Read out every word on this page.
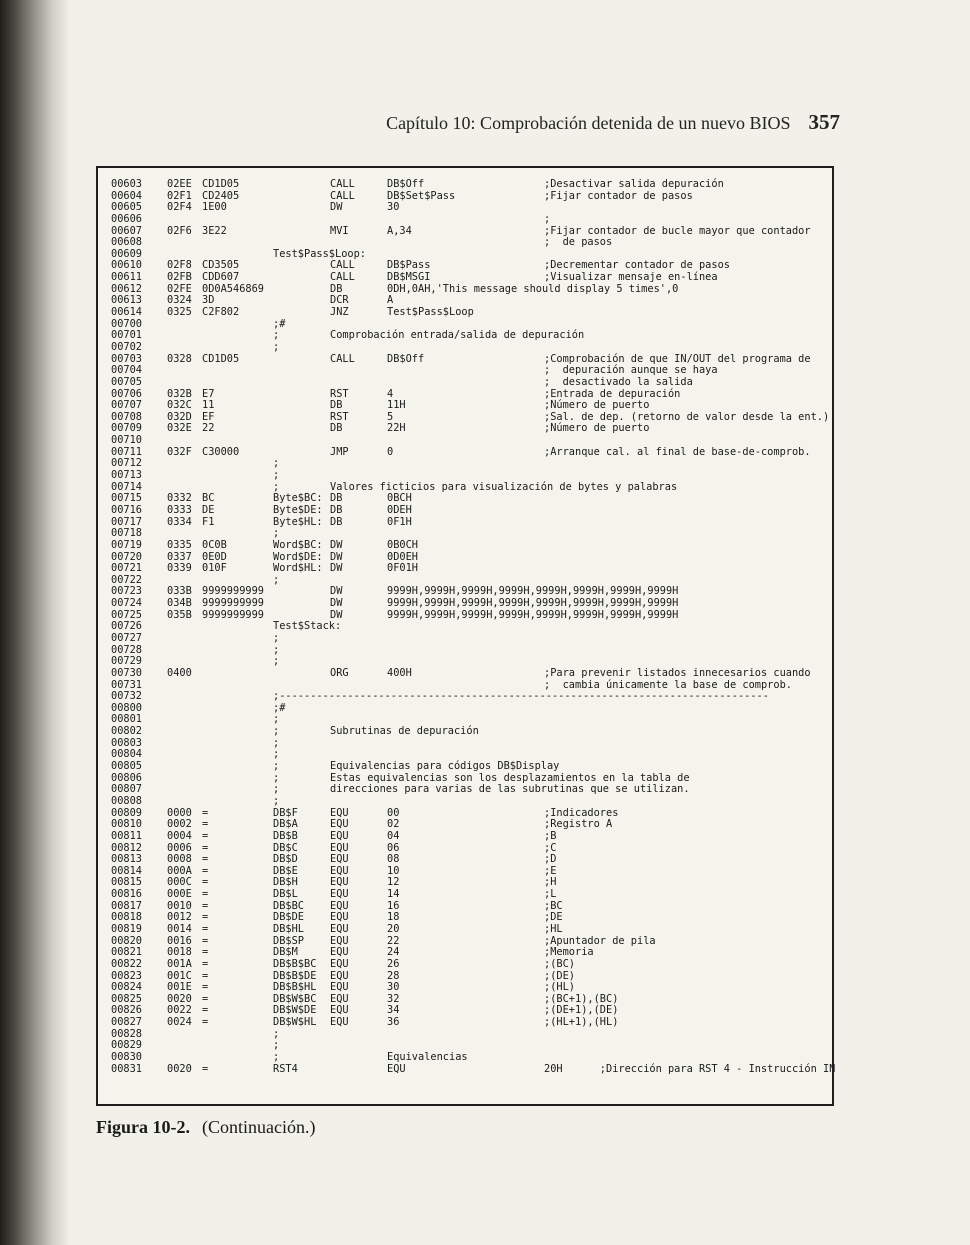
Capítulo 10: Comprobación detenida de un nuevo BIOS 357
00603 02EE CD1D05	CALL	DB$Off	;Desactivar salida depuración
00604 02F1 CD2405	CALL	DB$Set$Pass	;Fijar contador de pasos
00605 02F4 1E00	DW	30
00606	;
00607 02F6 3E22	MVI	A,34	;Fijar contador de bucle mayor que contador
00608	;  de pasos
00609	Test$Pass$Loop:
00610 02F8 CD3505	CALL	DB$Pass	;Decrementar contador de pasos
00611 02FB CDD607	CALL	DB$MSGI	;Visualizar mensaje en-línea
00612 02FE 0D0A546869	DB	0DH,0AH,'This message should display 5 times',0
00613 0324 3D	DCR	A
00614 0325 C2F802	JNZ	Test$Pass$Loop
00700	;#
00701	;	Comprobación entrada/salida de depuración
00702	;
00703 0328 CD1D05	CALL	DB$Off	;Comprobación de que IN/OUT del programa de
00704	;  depuración aunque se haya
00705	;  desactivado la salida
00706 032B E7	RST	4	;Entrada de depuración
00707 032C 11	DB	11H	;Número de puerto
00708 032D EF	RST	5	;Sal. de dep. (retorno de valor desde la ent.)
00709 032E 22	DB	22H	;Número de puerto
00710
00711 032F C30000	JMP	0	;Arranque cal. al final de base-de-comprob.
00712	;
00713	;
00714	;	Valores ficticios para visualización de bytes y palabras
00715 0332 BC	Byte$BC: DB	0BCH
00716 0333 DE	Byte$DE: DB	0DEH
00717 0334 F1	Byte$HL: DB	0F1H
00718	;
00719 0335 0C0B	Word$BC: DW	0B0CH
00720 0337 0E0D	Word$DE: DW	0D0EH
00721 0339 010F	Word$HL: DW	0F01H
00722	;
00723 033B 9999999999	DW	9999H,9999H,9999H,9999H,9999H,9999H,9999H,9999H
00724 034B 9999999999	DW	9999H,9999H,9999H,9999H,9999H,9999H,9999H,9999H
00725 035B 9999999999	DW	9999H,9999H,9999H,9999H,9999H,9999H,9999H,9999H
00726	Test$Stack:
00727	;
00728	;
00729	;
00730 0400	ORG	400H	;Para prevenir listados innecesarios cuando
00731	;  cambia únicamente la base de comprob.
00732	;-------------------------------------------------------------------------------
00800	;#
00801	;
00802	;	Subrutinas de depuración
00803	;
00804	;
00805	;	Equivalencias para códigos DB$Display
00806	;	Estas equivalencias son los desplazamientos en la tabla de
00807	;	direcciones para varias de las subrutinas que se utilizan.
00808	;
00809 0000 =	DB$F	EQU	00	;Indicadores
00810 0002 =	DB$A	EQU	02	;Registro A
00811 0004 =	DB$B	EQU	04	;B
00812 0006 =	DB$C	EQU	06	;C
00813 0008 =	DB$D	EQU	08	;D
00814 000A =	DB$E	EQU	10	;E
00815 000C =	DB$H	EQU	12	;H
00816 000E =	DB$L	EQU	14	;L
00817 0010 =	DB$BC	EQU	16	;BC
00818 0012 =	DB$DE	EQU	18	;DE
00819 0014 =	DB$HL	EQU	20	;HL
00820 0016 =	DB$SP	EQU	22	;Apuntador de pila
00821 0018 =	DB$M	EQU	24	;Memoria
00822 001A =	DB$B$BC EQU	26	;(BC)
00823 001C =	DB$B$DE EQU	28	;(DE)
00824 001E =	DB$B$HL EQU	30	;(HL)
00825 0020 =	DB$W$BC EQU	32	;(BC+1),(BC)
00826 0022 =	DB$W$DE EQU	34	;(DE+1),(DE)
00827 0024 =	DB$W$HL EQU	36	;(HL+1),(HL)
00828	;
00829	;
00830	;	Equivalencias
00831 0020 =	RST4	EQU	20H      ;Dirección para RST 4 - Instrucción IN
Figura 10-2. (Continuación.)
